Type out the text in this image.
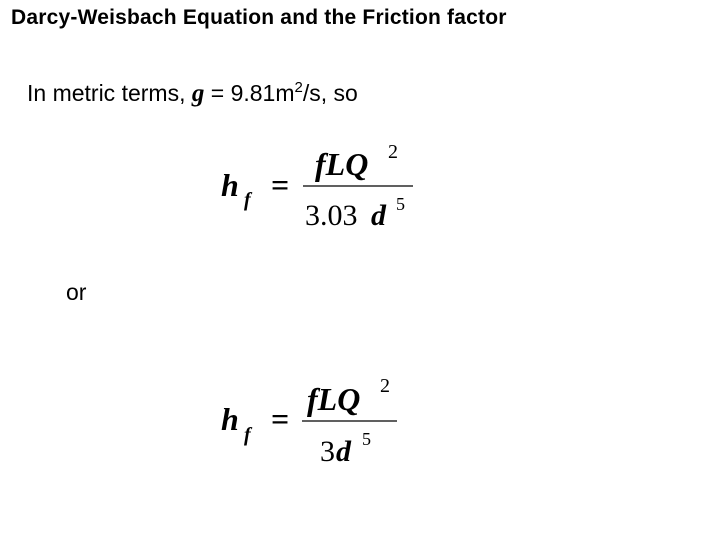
Darcy-Weisbach Equation and the Friction factor
In metric terms, $g = 9.81m^2/s$, so
h f =
fLQ 2
3.03 d 5
h f =
fLQ 2
3 d 5
or
